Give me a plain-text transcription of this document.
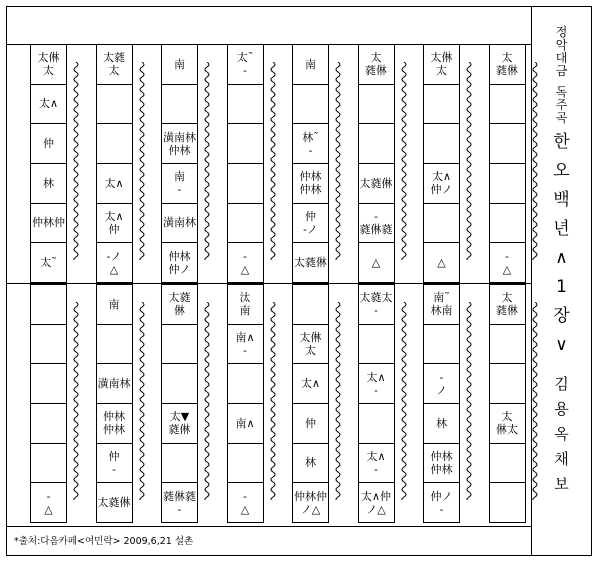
정
악
대
금
독
주
곡
한
오
백
년
∧
1
장
∨
김
용
옥
채
보
太㑣
太
太∧
仲
林
仲林仲
太˜
太蕤
太
太∧
太∧
仲
-ノ
△
南
潢南林
仲林
南
-
潢南林
仲林
仲ノ
太˜
-
-
△
南
林˜
-
仲林
仲林
仲
-ノ
太蕤㑣
太
蕤㑣
太蕤㑣
-
蕤㑣蕤
△
太㑣
太
太∧
仲ノ
△
太
蕤㑣
-
△
-
△
南
潢南林
仲林
仲林
仲
-
太蕤㑣
太蕤
㑣
太▼
蕤㑣
蕤㑣蕤
-
汰
南
南∧
-
南∧
-
△
太㑣
太
太∧
仲
林
仲林仲
ノ△
太蕤太
-
太∧
-
太∧
-
太∧仲
ノ△
南˜
林南
-
ノ
林
仲林
仲林
仲ノ
-
太
蕤㑣
太
㑣太
*출처:다음카페<여민락> 2009,6,21 설촌
